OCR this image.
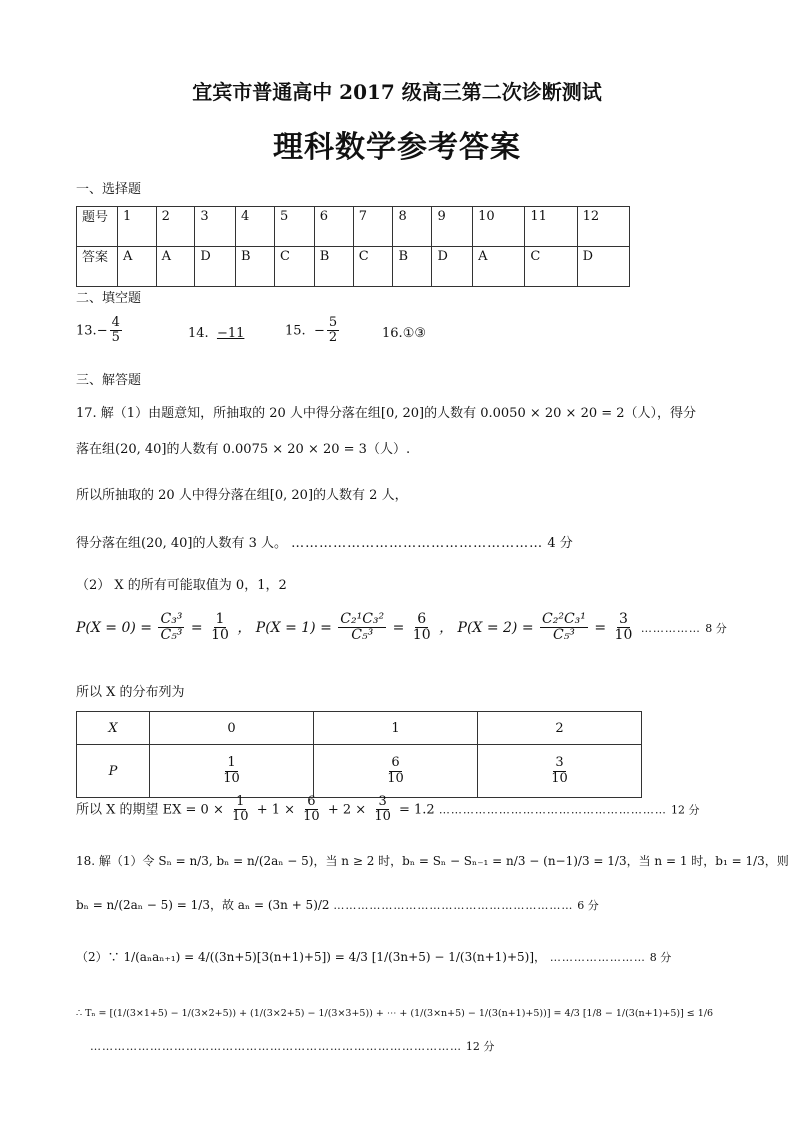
宜宾市普通高中 2017 级高三第二次诊断测试
理科数学参考答案
一、选择题
题号	1	2	3	4	5	6	7	8	9	10	11	12
答案	A	A	D	B	C	B	C	B	D	A	C	D
二、填空题
$13.- \frac{4}{5}$	14. −11	15. − $\frac{5}{2}$	16.①③
三、解答题
17. 解（1）由题意知，所抽取的 20 人中得分落在组[0, 20]的人数有 0.0050 × 20 × 20 = 2（人），得分
落在组(20, 40]的人数有 0.0075 × 20 × 20 = 3（人）.
所以所抽取的 20 人中得分落在组[0, 20]的人数有 2 人，
得分落在组(20, 40]的人数有 3 人。 ……………………………………………… 4 分
（2） X 的所有可能取值为 0，1，2
$P(X = 0) = \frac{\text{C₃³}}{\text{C₅³}} = \frac{1}{10}$ ， $P(X = 1) = \frac{\text{C₂¹C₃²}}{\text{C₅³}} = \frac{6}{10}$ ， $P(X = 2) = \frac{\text{C₂²C₃¹}}{\text{C₅³}} = \frac{3}{10}$ …………… 8 分
所以 X 的分布列为
X	0	1	2
P	$\frac{1}{10}$	$\frac{6}{10}$	$\frac{3}{10}$
所以 X 的期望 EX = $0 \times \frac{1}{10} + 1 \times \frac{6}{10} + 2 \times \frac{3}{10} = 1.2$ ………………………………………………… 12 分
18. 解（1）令 Sₙ = n/3, bₙ = n/(2aₙ − 5)，当 n ≥ 2 时，bₙ = Sₙ − Sₙ₋₁ = n/3 − (n−1)/3 = 1/3，当 n = 1 时，b₁ = 1/3，则
bₙ = n/(2aₙ − 5) = 1/3，故 aₙ = (3n + 5)/2 …………………………………………………… 6 分
（2）∵ 1/(aₙaₙ₊₁) = 4/((3n+5)[3(n+1)+5]) = 4/3 [1/(3n+5) − 1/(3(n+1)+5)]， …………………… 8 分
∴ Tₙ = [(1/(3×1+5) − 1/(3×2+5)) + (1/(3×2+5) − 1/(3×3+5)) + ⋯ + (1/(3×n+5) − 1/(3(n+1)+5))] = 4/3 [1/8 − 1/(3(n+1)+5)] ≤ 1/6
………………………………………………………………………………… 12 分
